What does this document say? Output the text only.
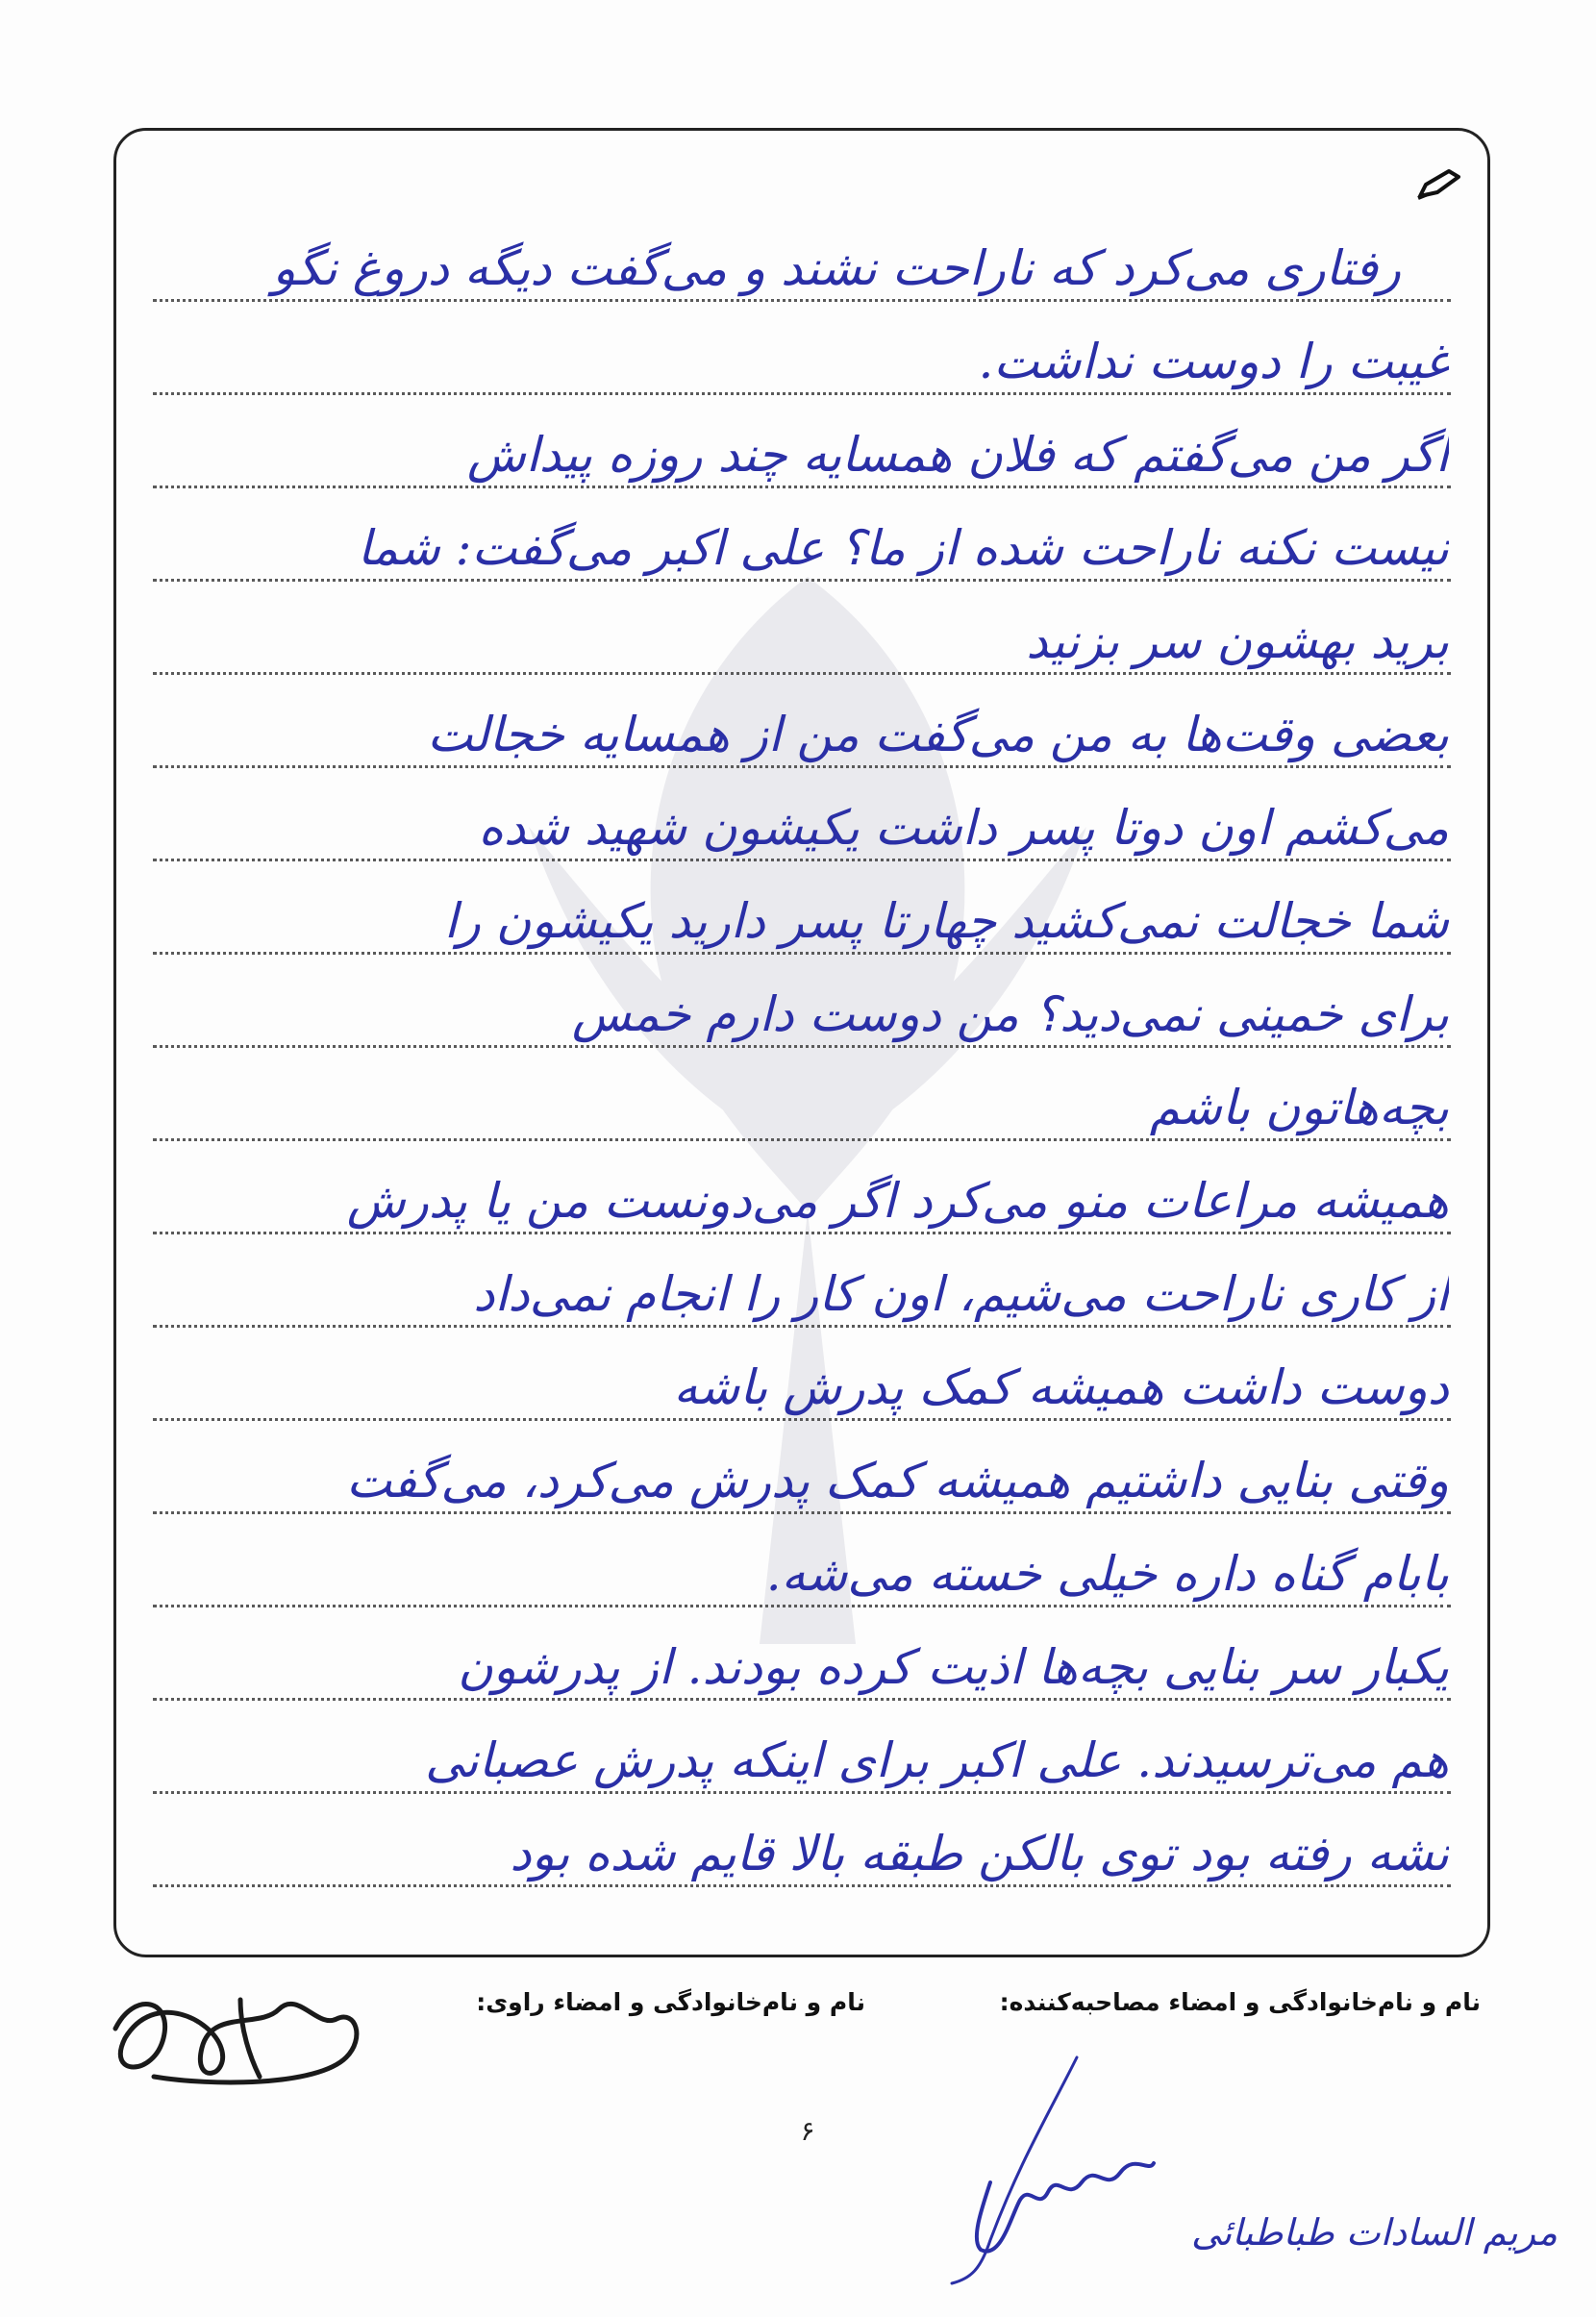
رفتاری می‌کرد که ناراحت نشند و می‌گفت دیگه دروغ نگو
غیبت را دوست نداشت.
اگر من می‌گفتم که فلان همسایه چند روزه پیداش
نیست نکنه ناراحت شده از ما؟ علی اکبر می‌گفت: شما
برید بهشون سر بزنید
بعضی وقت‌ها به من می‌گفت من از همسایه خجالت
می‌کشم اون دوتا پسر داشت یکیشون شهید شده
شما خجالت نمی‌کشید چهارتا پسر دارید یکیشون را
برای خمینی نمی‌دید؟ من دوست دارم خمس
بچه‌هاتون باشم
همیشه مراعات منو می‌کرد اگر می‌دونست من یا پدرش
از کاری ناراحت می‌شیم، اون کار را انجام نمی‌داد
دوست داشت همیشه کمک پدرش باشه
وقتی بنایی داشتیم همیشه کمک پدرش می‌کرد، می‌گفت
بابام گناه داره خیلی خسته می‌شه.
یکبار سر بنایی بچه‌ها اذیت کرده بودند. از پدرشون
هم می‌ترسیدند. علی اکبر برای اینکه پدرش عصبانی
نشه رفته بود توی بالکن طبقه بالا قایم شده بود
نام و نام‌خانوادگی و امضاء مصاحبه‌کننده:
نام و نام‌خانوادگی و امضاء راوی:
۶
مریم السادات طباطبائی
